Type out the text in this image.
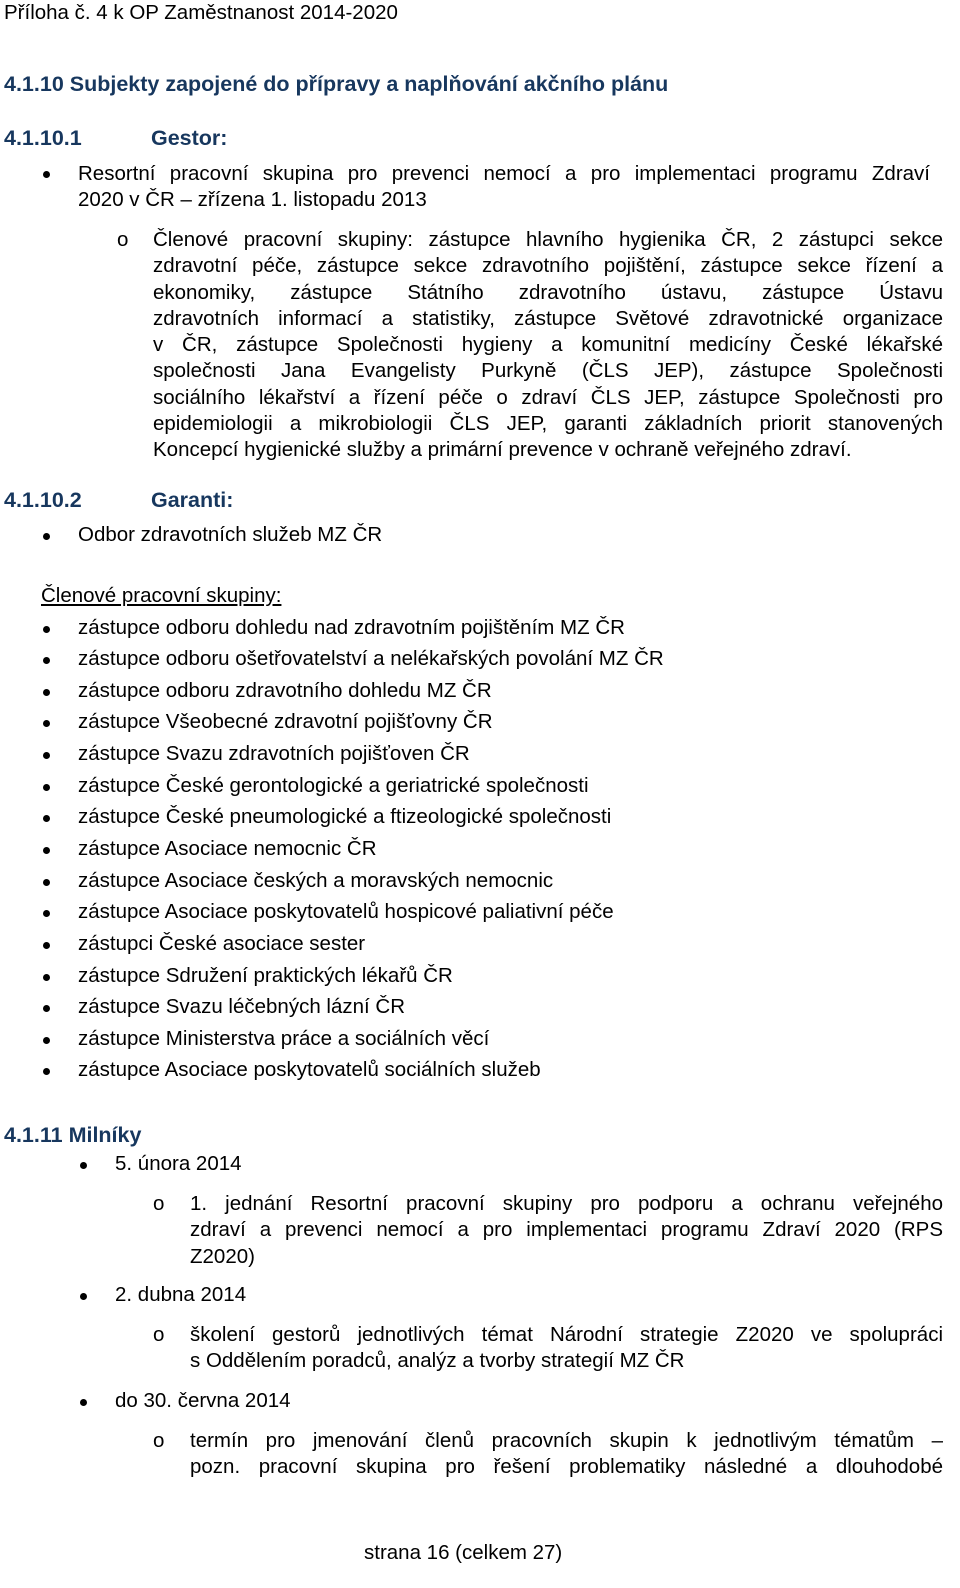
Příloha č. 4 k OP Zaměstnanost 2014-2020
4.1.10 Subjekty zapojené do přípravy a naplňování akčního plánu
4.1.10.1	Gestor:
Resortní pracovní skupina pro prevenci nemocí a pro implementaci programu Zdraví
2020 v ČR – zřízena 1. listopadu 2013
o Členové pracovní skupiny: zástupce hlavního hygienika ČR, 2 zástupci sekce
zdravotní péče, zástupce sekce zdravotního pojištění, zástupce sekce řízení a
ekonomiky, zástupce Státního zdravotního ústavu, zástupce Ústavu
zdravotních informací a statistiky, zástupce Světové zdravotnické organizace
v ČR, zástupce Společnosti hygieny a komunitní medicíny České lékařské
společnosti Jana Evangelisty Purkyně (ČLS JEP), zástupce Společnosti
sociálního lékařství a řízení péče o zdraví ČLS JEP, zástupce Společnosti pro
epidemiologii a mikrobiologii ČLS JEP, garanti základních priorit stanovených
Koncepcí hygienické služby a primární prevence v ochraně veřejného zdraví.
4.1.10.2	Garanti:
Odbor zdravotních služeb MZ ČR
Členové pracovní skupiny:
zástupce odboru dohledu nad zdravotním pojištěním MZ ČR
zástupce odboru ošetřovatelství a nelékařských povolání MZ ČR
zástupce odboru zdravotního dohledu MZ ČR
zástupce Všeobecné zdravotní pojišťovny ČR
zástupce Svazu zdravotních pojišťoven ČR
zástupce České gerontologické a geriatrické společnosti
zástupce České pneumologické a ftizeologické společnosti
zástupce Asociace nemocnic ČR
zástupce Asociace českých a moravských nemocnic
zástupce Asociace poskytovatelů hospicové paliativní péče
zástupci České asociace sester
zástupce Sdružení praktických lékařů ČR
zástupce Svazu léčebných lázní ČR
zástupce Ministerstva práce a sociálních věcí
zástupce Asociace poskytovatelů sociálních služeb
4.1.11 Milníky
5. února 2014
o 1. jednání Resortní pracovní skupiny pro podporu a ochranu veřejného
zdraví a prevenci nemocí a pro implementaci programu Zdraví 2020 (RPS
Z2020)
2. dubna 2014
o školení gestorů jednotlivých témat Národní strategie Z2020 ve spolupráci
s Oddělením poradců, analýz a tvorby strategií MZ ČR
do 30. června 2014
o termín pro jmenování členů pracovních skupin k jednotlivým tématům –
pozn. pracovní skupina pro řešení problematiky následné a dlouhodobé
strana 16 (celkem 27)
